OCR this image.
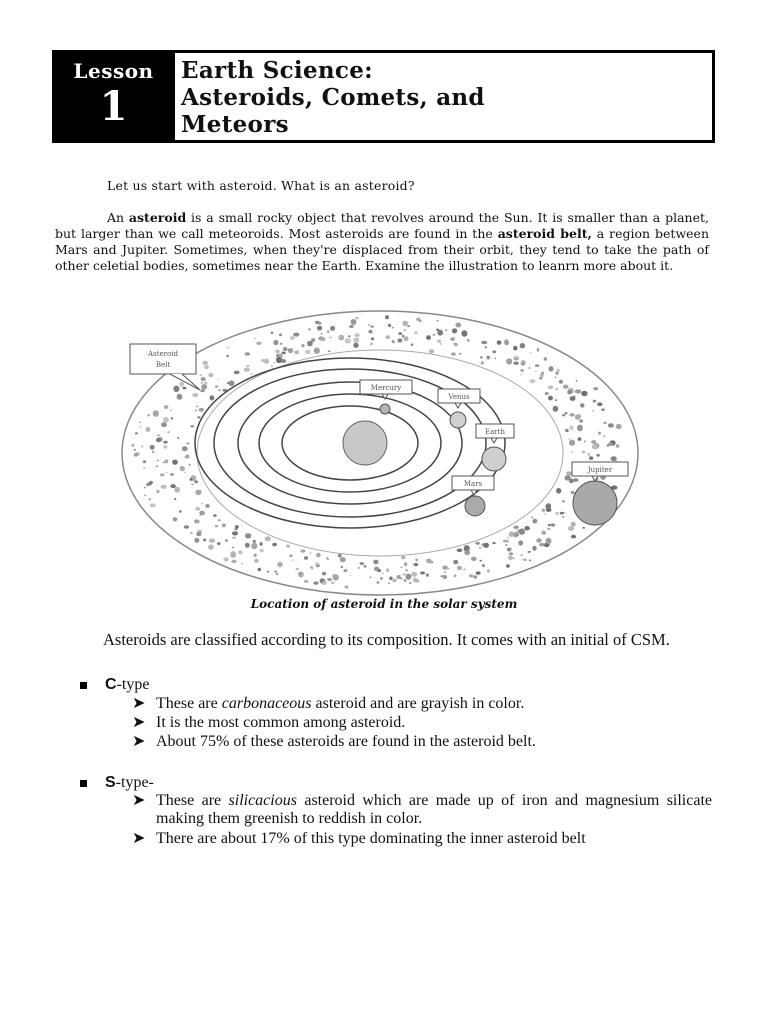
Lesson
1
Earth Science:
Asteroids, Comets, and
Meteors
Let us start with asteroid. What is an asteroid?
An asteroid is a small rocky object that revolves around the Sun. It is smaller than a planet, but larger than we call meteoroids. Most asteroids are found in the asteroid belt, a region between Mars and Jupiter. Sometimes, when they're displaced from their orbit, they tend to take the path of other celetial bodies, sometimes near the Earth. Examine the illustration to leanrn more about it.
Asteroid
Belt
Mercury
Venus
Earth
Mars
Jupiter
Location of asteroid in the solar system
Asteroids are classified according to its composition. It comes with an initial of CSM.
C -type
➤ These are carbonaceous asteroid and are grayish in color.
➤ It is the most common among asteroid.
➤ About 75% of these asteroids are found in the asteroid belt.
S -type-
➤ These are silicacious asteroid which are made up of iron and magnesium silicate making them greenish to reddish in color.
➤ There are about 17% of this type dominating the inner asteroid belt
